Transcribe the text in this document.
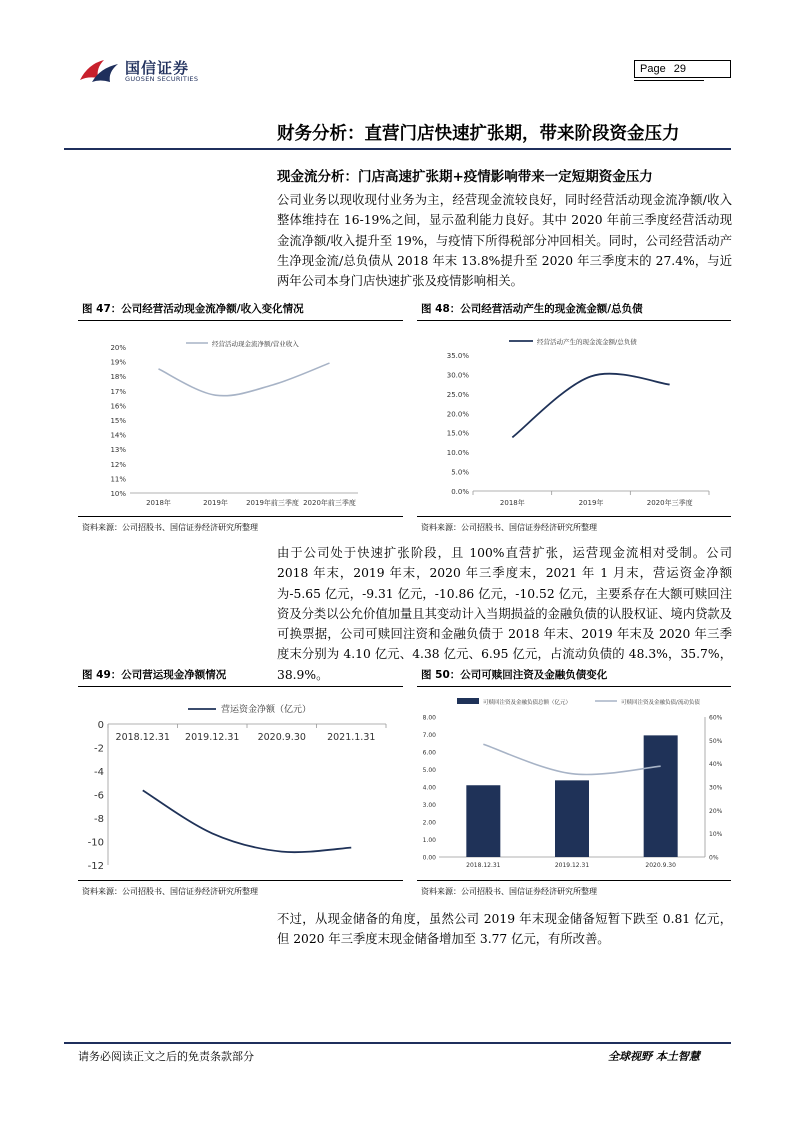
国信证券
GUOSEN SECURITIES
Page 29
财务分析：直营门店快速扩张期，带来阶段资金压力
现金流分析：门店高速扩张期+疫情影响带来一定短期资金压力

公司业务以现收现付业务为主，经营现金流较良好，同时经营活动现金流净额/收入整体维持在 16-19%之间，显示盈利能力良好。其中 2020 年前三季度经营活动现金流净额/收入提升至 19%，与疫情下所得税部分冲回相关。同时，公司经营活动产生净现金流/总负债从 2018 年末 13.8%提升至 2020 年三季度末的 27.4%，与近两年公司本身门店快速扩张及疫情影响相关。

图 47：公司经营活动现金流净额/收入变化情况
10%
11%
12%
13%
14%
15%
16%
17%
18%
19%
20%
2018年	2019年	2019年前三季度 2020年前三季度
经营活动现金流净额/营业收入
资料来源：公司招股书、国信证券经济研究所整理
图 48：公司经营活动产生的现金流金额/总负债
0.0%
5.0%
10.0%
15.0%
20.0%
25.0%
30.0%
35.0%
2018年	2019年	2020年三季度
经营活动产生的现金流金额/总负债
资料来源：公司招股书、国信证券经济研究所整理

由于公司处于快速扩张阶段，且 100%直营扩张，运营现金流相对受制。公司 2018 年末，2019 年末，2020 年三季度末，2021 年 1 月末，营运资金净额为-5.65 亿元，-9.31 亿元，-10.86 亿元，-10.52 亿元，主要系存在大额可赎回注资及分类以公允价值加量且其变动计入当期损益的金融负债的认股权证、境内贷款及可换票据，公司可赎回注资和金融负债于 2018 年末、2019 年末及 2020 年三季度末分别为 4.10 亿元、4.38 亿元、6.95 亿元，占流动负债的 48.3%，35.7%，38.9%。

图 49：公司营运现金净额情况
-12
-10
-8
-6
-4
-2
0
2018.12.31 2019.12.31 2020.9.30 2021.1.31
营运资金净额（亿元）
资料来源：公司招股书、国信证券经济研究所整理
图 50：公司可赎回注资及金融负债变化
0.00
1.00
2.00
3.00
4.00
5.00
6.00
7.00
8.00
0%
10%
20%
30%
40%
50%
60%
2018.12.31	2019.12.31	2020.9.30
可赎回注资及金融负债总额（亿元）	可赎回注资及金融负债/流动负债
资料来源：公司招股书、国信证券经济研究所整理

不过，从现金储备的角度，虽然公司 2019 年末现金储备短暂下跌至 0.81 亿元，但 2020 年三季度末现金储备增加至 3.77 亿元，有所改善。

请务必阅读正文之后的免责条款部分	全球视野 本土智慧
